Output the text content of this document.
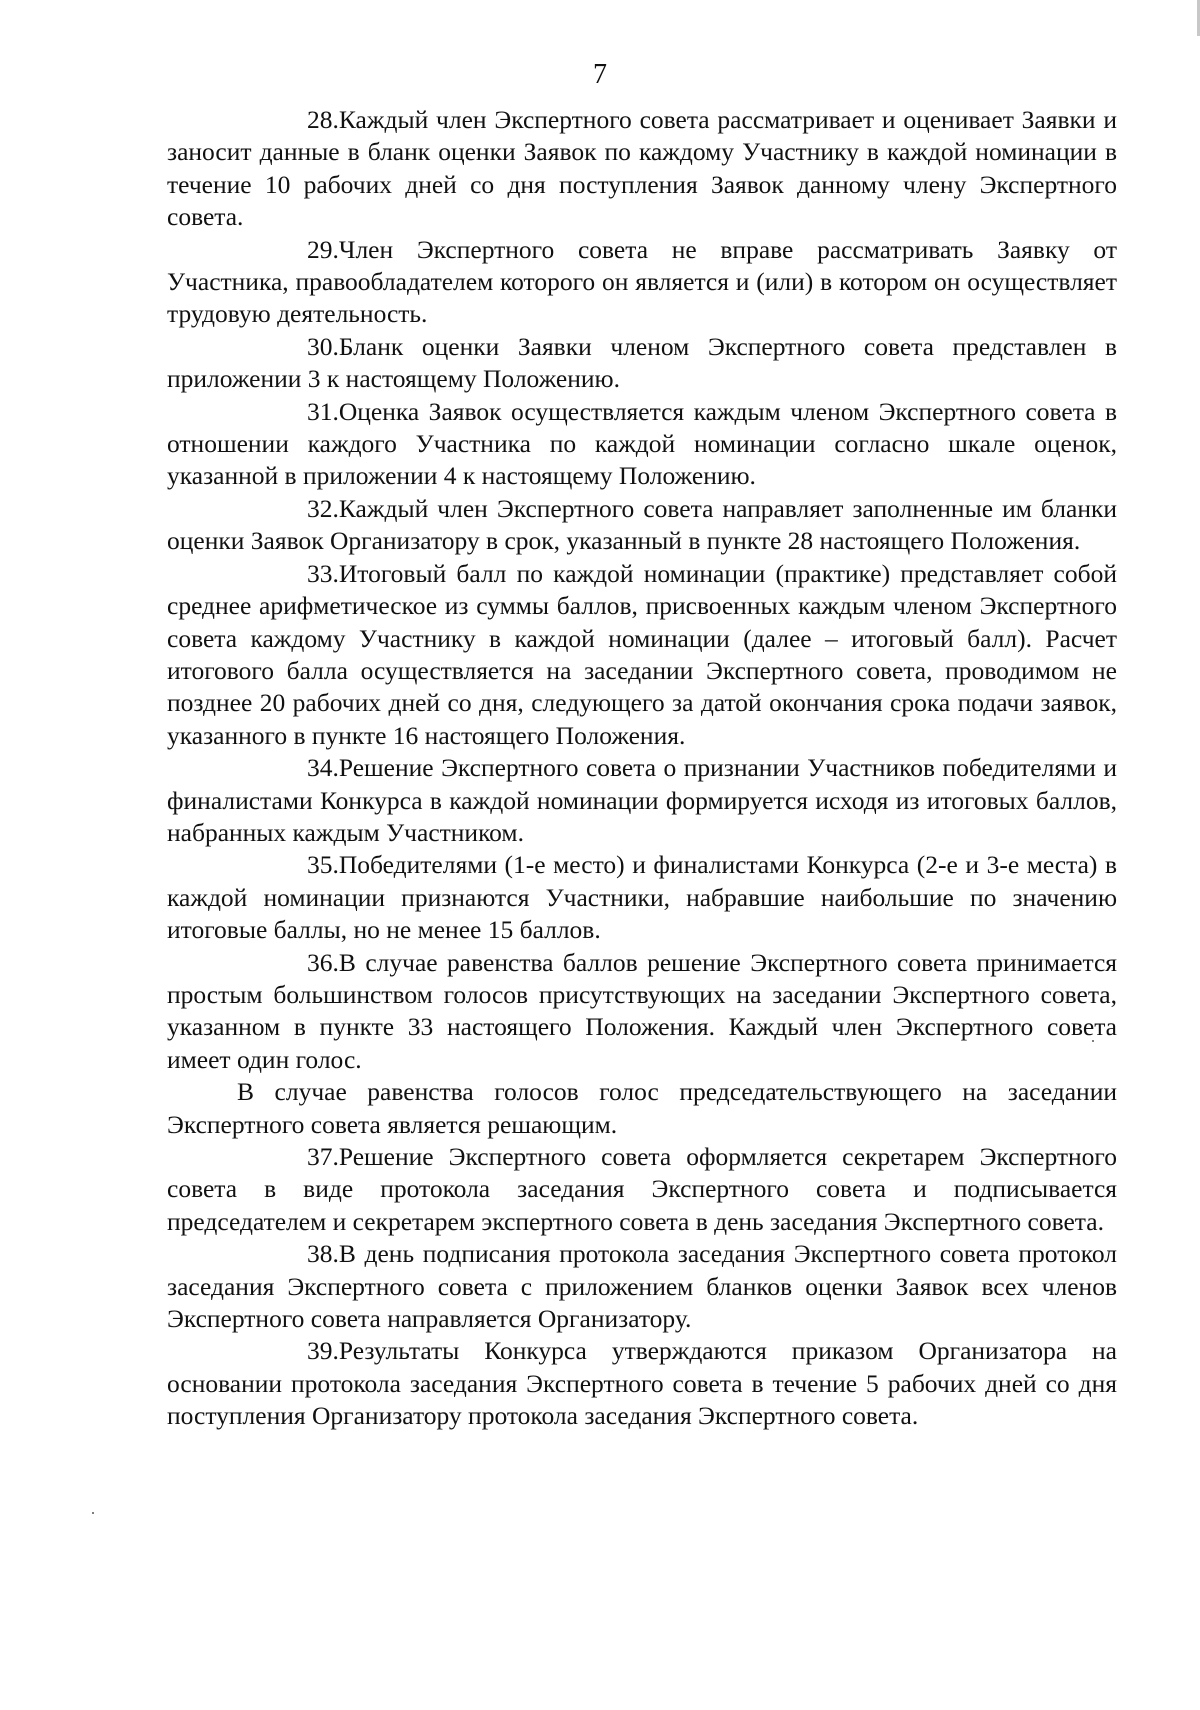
7

28.Каждый член Экспертного совета рассматривает и оценивает Заявки и заносит данные в бланк оценки Заявок по каждому Участнику в каждой номинации в течение 10 рабочих дней со дня поступления Заявок данному члену Экспертного совета.

29.Член Экспертного совета не вправе рассматривать Заявку от Участника, правообладателем которого он является и (или) в котором он осуществляет трудовую деятельность.

30.Бланк оценки Заявки членом Экспертного совета представлен в приложении 3 к настоящему Положению.

31.Оценка Заявок осуществляется каждым членом Экспертного совета в отношении каждого Участника по каждой номинации согласно шкале оценок, указанной в приложении 4 к настоящему Положению.

32.Каждый член Экспертного совета направляет заполненные им бланки оценки Заявок Организатору в срок, указанный в пункте 28 настоящего Положения.

33.Итоговый балл по каждой номинации (практике) представляет собой среднее арифметическое из суммы баллов, присвоенных каждым членом Экспертного совета каждому Участнику в каждой номинации (далее – итоговый балл). Расчет итогового балла осуществляется на заседании Экспертного совета, проводимом не позднее 20 рабочих дней со дня, следующего за датой окончания срока подачи заявок, указанного в пункте 16 настоящего Положения.

34.Решение Экспертного совета о признании Участников победителями и финалистами Конкурса в каждой номинации формируется исходя из итоговых баллов, набранных каждым Участником.

35.Победителями (1-е место) и финалистами Конкурса (2-е и 3-е места) в каждой номинации признаются Участники, набравшие наибольшие по значению итоговые баллы, но не менее 15 баллов.

36.В случае равенства баллов решение Экспертного совета принимается простым большинством голосов присутствующих на заседании Экспертного совета, указанном в пункте 33 настоящего Положения. Каждый член Экспертного совета имеет один голос.

В случае равенства голосов голос председательствующего на заседании Экспертного совета является решающим.

37.Решение Экспертного совета оформляется секретарем Экспертного совета в виде протокола заседания Экспертного совета и подписывается председателем и секретарем экспертного совета в день заседания Экспертного совета.

38.В день подписания протокола заседания Экспертного совета протокол заседания Экспертного совета с приложением бланков оценки Заявок всех членов Экспертного совета направляется Организатору.

39.Результаты Конкурса утверждаются приказом Организатора на основании протокола заседания Экспертного совета в течение 5 рабочих дней со дня поступления Организатору протокола заседания Экспертного совета.
